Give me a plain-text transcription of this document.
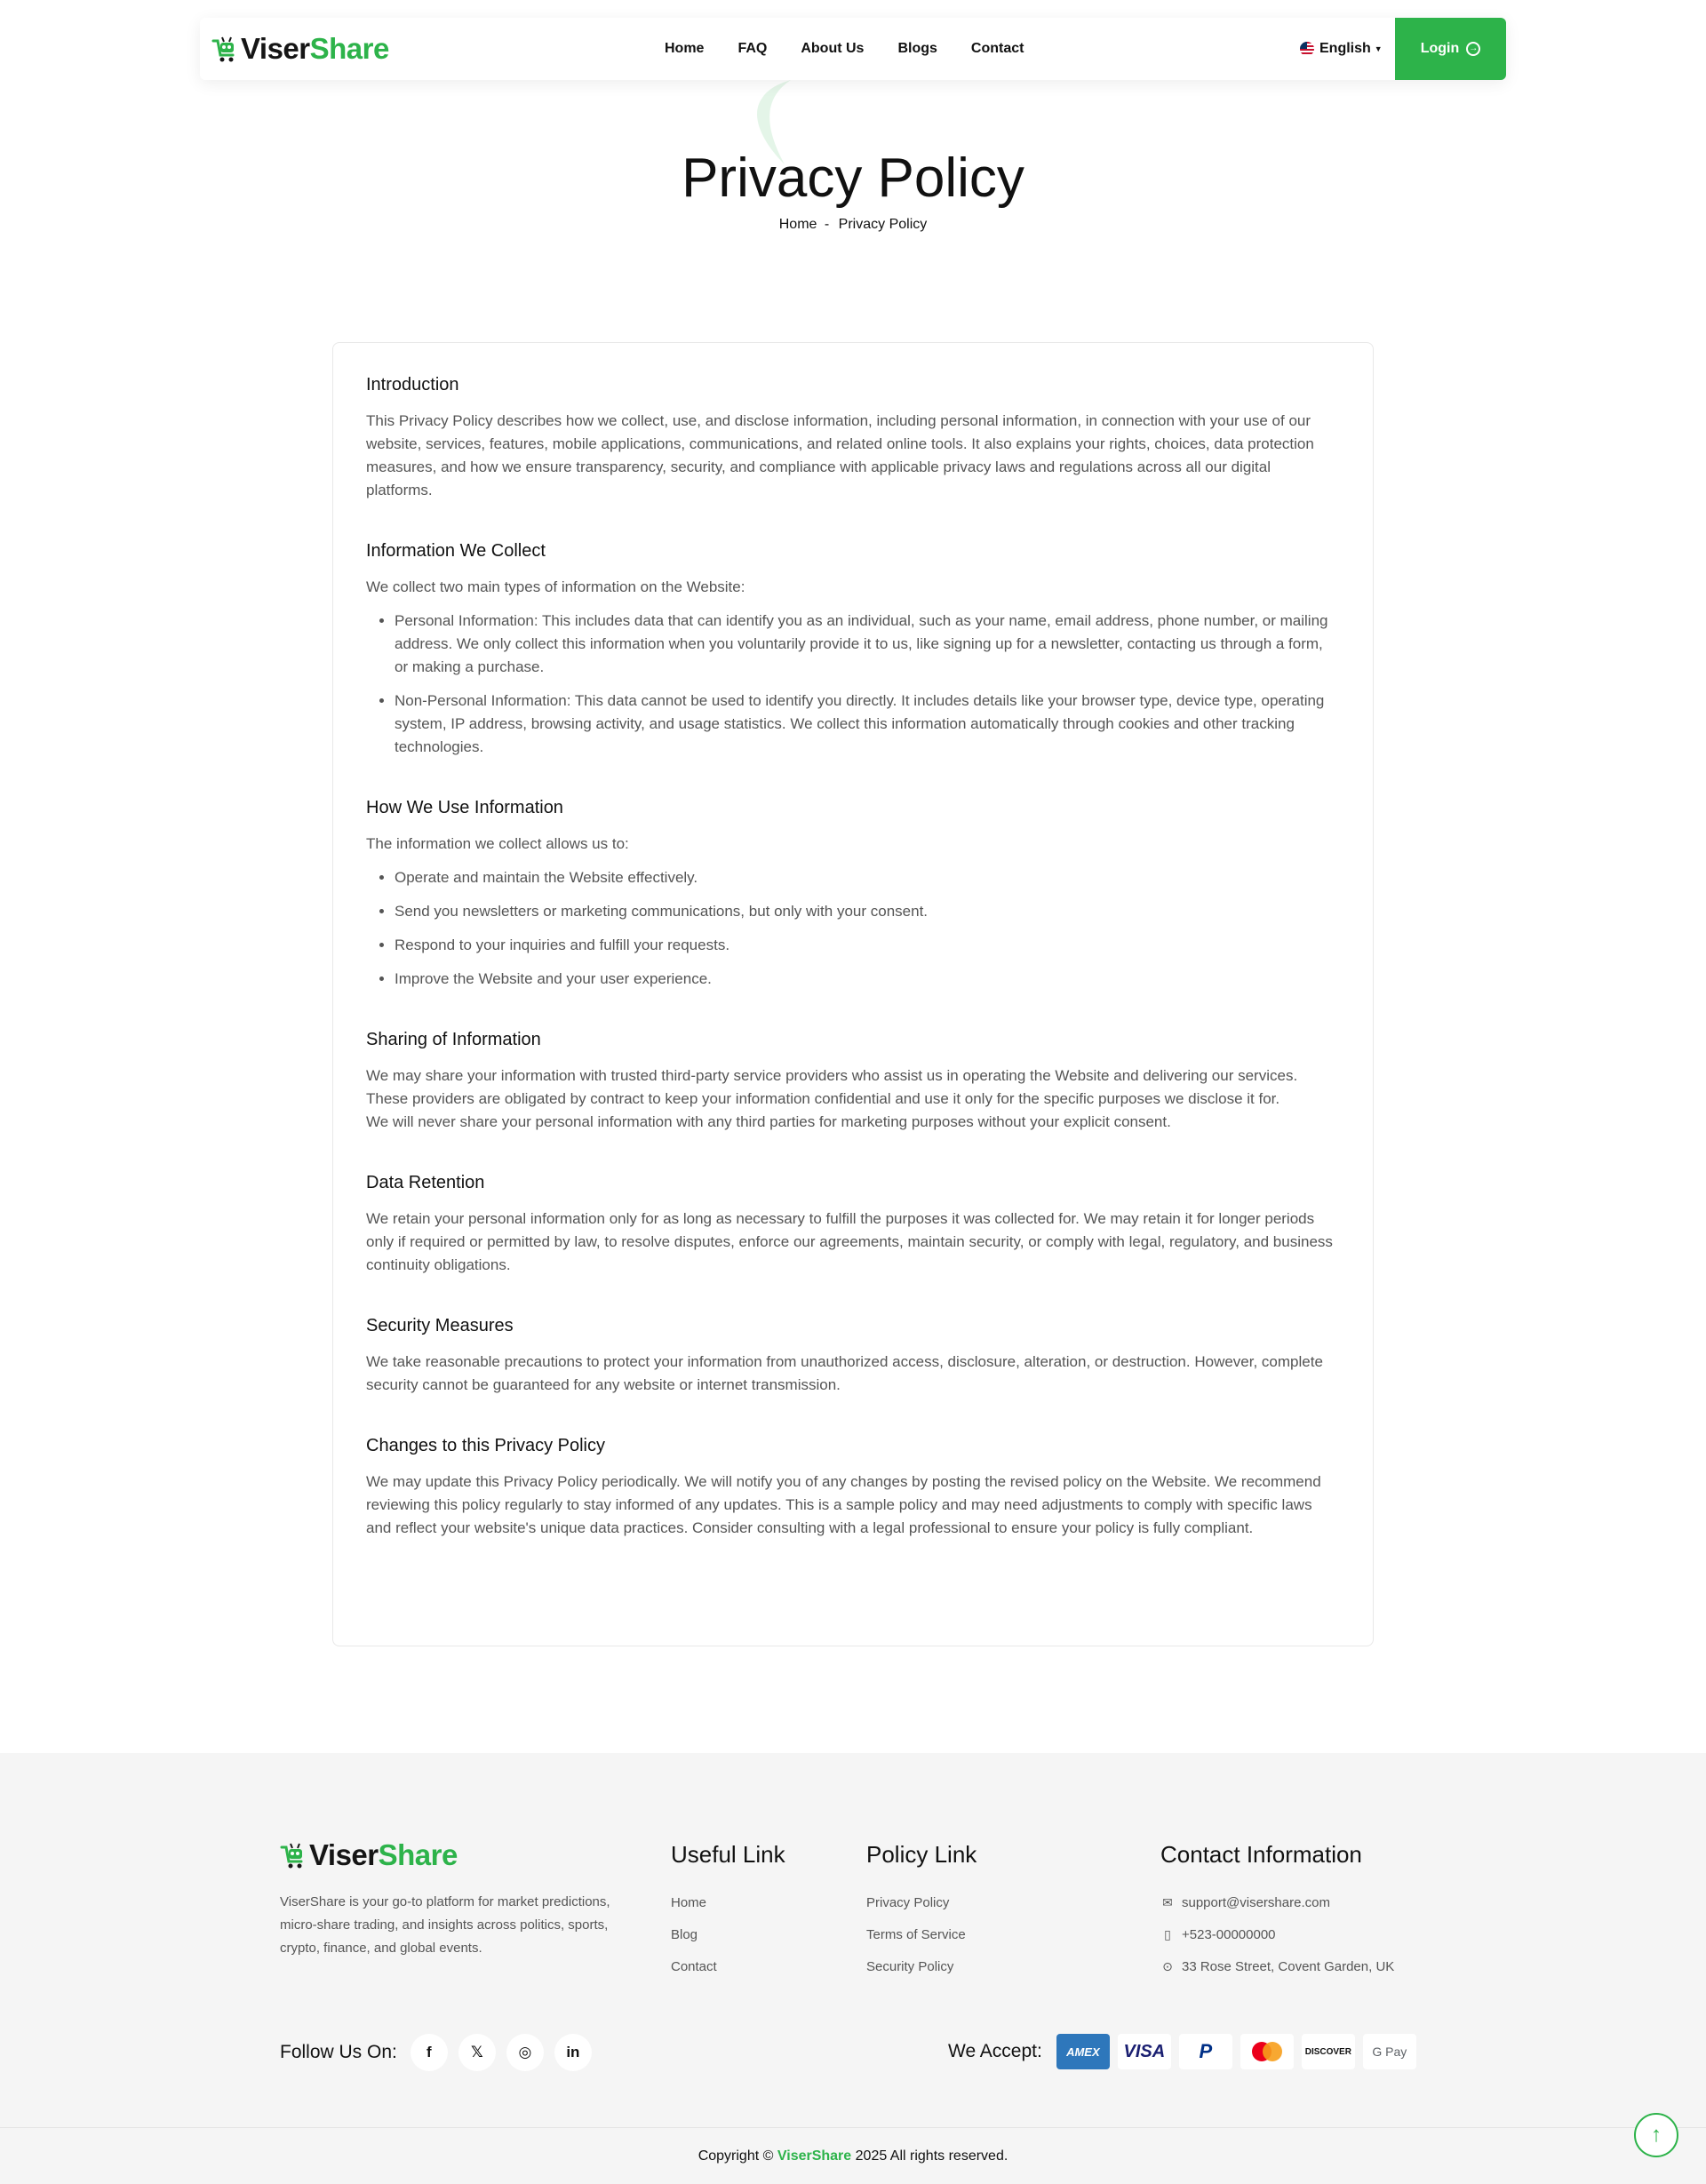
ViserShare	Home FAQ About Us Blogs Contact	English ▼	Login	→
Privacy Policy
Home - Privacy Policy
Introduction

This Privacy Policy describes how we collect, use, and disclose information, including personal information, in connection with your use of our website, services, features, mobile applications, communications, and related online tools. It also explains your rights, choices, data protection measures, and how we ensure transparency, security, and compliance with applicable privacy laws and regulations across all our digital platforms.

Information We Collect

We collect two main types of information on the Website:

• Personal Information: This includes data that can identify you as an individual, such as your name, email address, phone number, or mailing address. We only collect this information when you voluntarily provide it to us, like signing up for a newsletter, contacting us through a form, or making a purchase.
• Non-Personal Information: This data cannot be used to identify you directly. It includes details like your browser type, device type, operating system, IP address, browsing activity, and usage statistics. We collect this information automatically through cookies and other tracking technologies.
How We Use Information

The information we collect allows us to:

• Operate and maintain the Website effectively.
• Send you newsletters or marketing communications, but only with your consent.
• Respond to your inquiries and fulfill your requests.
• Improve the Website and your user experience.
Sharing of Information

We may share your information with trusted third-party service providers who assist us in operating the Website and delivering our services. These providers are obligated by contract to keep your information confidential and use it only for the specific purposes we disclose it for.

We will never share your personal information with any third parties for marketing purposes without your explicit consent.

Data Retention

We retain your personal information only for as long as necessary to fulfill the purposes it was collected for. We may retain it for longer periods only if required or permitted by law, to resolve disputes, enforce our agreements, maintain security, or comply with legal, regulatory, and business continuity obligations.

Security Measures

We take reasonable precautions to protect your information from unauthorized access, disclosure, alteration, or destruction. However, complete security cannot be guaranteed for any website or internet transmission.

Changes to this Privacy Policy

We may update this Privacy Policy periodically. We will notify you of any changes by posting the revised policy on the Website. We recommend reviewing this policy regularly to stay informed of any updates. This is a sample policy and may need adjustments to comply with specific laws and reflect your website's unique data practices. Consider consulting with a legal professional to ensure your policy is fully compliant.

ViserShare

ViserShare is your go-to platform for market predictions, micro-share trading, and insights across politics, sports, crypto, finance, and global events.

Useful Link
Home
Blog
Contact
Policy Link
Privacy Policy
Terms of Service
Security Policy
Contact Information
✉ support@visershare.com
▯ +523-00000000
⊙ 33 Rose Street, Covent Garden, UK
Follow Us On:	f	𝕏	◎	in	We Accept:	AMEX	VISA	P	DISCOVER	G Pay
Copyright © ViserShare 2025 All rights reserved.
↑
